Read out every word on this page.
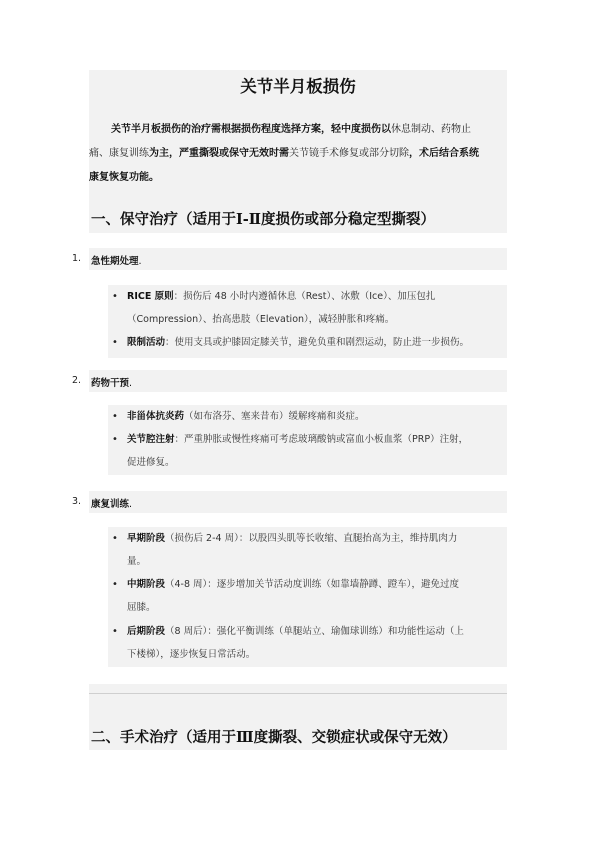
关节半月板损伤
关节半月板损伤的治疗需根据损伤程度选择方案，轻中度损伤以休息制动、药物止
痛、康复训练为主，严重撕裂或保守无效时需关节镜手术修复或部分切除，术后结合系统
康复恢复功能。
一、保守治疗（适用于Ⅰ-Ⅱ度损伤或部分稳定型撕裂）
1. 急性期处理.
• RICE 原则：损伤后 48 小时内遵循休息（Rest）、冰敷（Ice）、加压包扎
（Compression）、抬高患肢（Elevation），减轻肿胀和疼痛。
• 限制活动：使用支具或护膝固定膝关节，避免负重和剧烈运动，防止进一步损伤。
2. 药物干预.
• 非甾体抗炎药（如布洛芬、塞来昔布）缓解疼痛和炎症。
• 关节腔注射：严重肿胀或慢性疼痛可考虑玻璃酸钠或富血小板血浆（PRP）注射，
促进修复。
3. 康复训练.
• 早期阶段（损伤后 2-4 周）：以股四头肌等长收缩、直腿抬高为主，维持肌肉力
量。
• 中期阶段（4-8 周）：逐步增加关节活动度训练（如靠墙静蹲、蹬车），避免过度
屈膝。
• 后期阶段（8 周后）：强化平衡训练（单腿站立、瑜伽球训练）和功能性运动（上
下楼梯），逐步恢复日常活动。
二、手术治疗（适用于Ⅲ度撕裂、交锁症状或保守无效）
